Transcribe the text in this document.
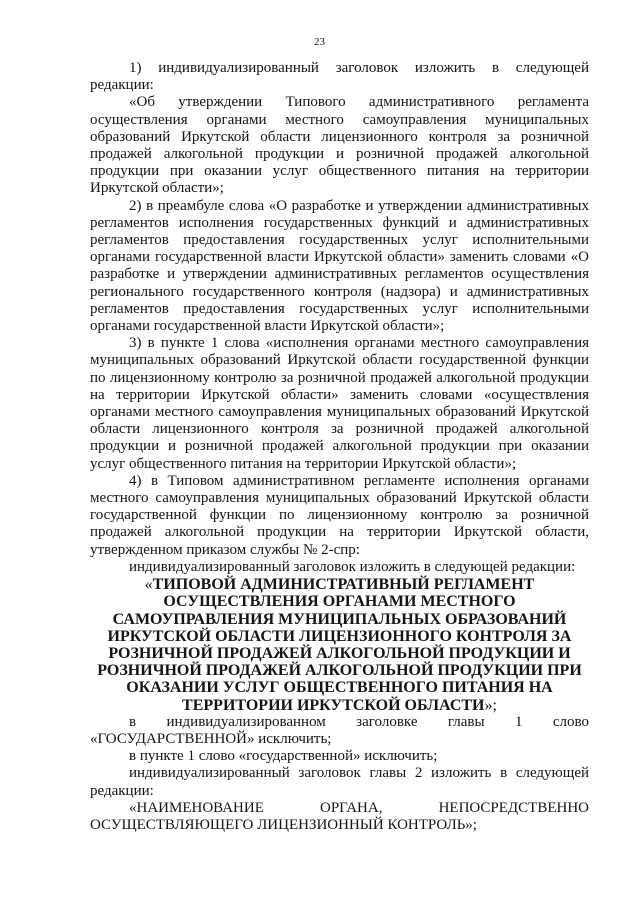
23

1) индивидуализированный заголовок изложить в следующей редакции:

«Об утверждении Типового административного регламента осуществления органами местного самоуправления муниципальных образований Иркутской области лицензионного контроля за розничной продажей алкогольной продукции и розничной продажей алкогольной продукции при оказании услуг общественного питания на территории Иркутской области»;

2) в преамбуле слова «О разработке и утверждении административных регламентов исполнения государственных функций и административных регламентов предоставления государственных услуг исполнительными органами государственной власти Иркутской области» заменить словами «О разработке и утверждении административных регламентов осуществления регионального государственного контроля (надзора) и административных регламентов предоставления государственных услуг исполнительными органами государственной власти Иркутской области»;

3) в пункте 1 слова «исполнения органами местного самоуправления муниципальных образований Иркутской области государственной функции по лицензионному контролю за розничной продажей алкогольной продукции на территории Иркутской области» заменить словами «осуществления органами местного самоуправления муниципальных образований Иркутской области лицензионного контроля за розничной продажей алкогольной продукции и розничной продажей алкогольной продукции при оказании услуг общественного питания на территории Иркутской области»;

4) в Типовом административном регламенте исполнения органами местного самоуправления муниципальных образований Иркутской области государственной функции по лицензионному контролю за розничной продажей алкогольной продукции на территории Иркутской области, утвержденном приказом службы № 2-спр:

индивидуализированный заголовок изложить в следующей редакции:

«ТИПОВОЙ АДМИНИСТРАТИВНЫЙ РЕГЛАМЕНТ ОСУЩЕСТВЛЕНИЯ ОРГАНАМИ МЕСТНОГО САМОУПРАВЛЕНИЯ МУНИЦИПАЛЬНЫХ ОБРАЗОВАНИЙ ИРКУТСКОЙ ОБЛАСТИ ЛИЦЕНЗИОННОГО КОНТРОЛЯ ЗА РОЗНИЧНОЙ ПРОДАЖЕЙ АЛКОГОЛЬНОЙ ПРОДУКЦИИ И РОЗНИЧНОЙ ПРОДАЖЕЙ АЛКОГОЛЬНОЙ ПРОДУКЦИИ ПРИ ОКАЗАНИИ УСЛУГ ОБЩЕСТВЕННОГО ПИТАНИЯ НА ТЕРРИТОРИИ ИРКУТСКОЙ ОБЛАСТИ»;

в индивидуализированном заголовке главы 1 слово «ГОСУДАРСТВЕННОЙ» исключить;

в пункте 1 слово «государственной» исключить;

индивидуализированный заголовок главы 2 изложить в следующей редакции:

«НАИМЕНОВАНИЕ ОРГАНА, НЕПОСРЕДСТВЕННО ОСУЩЕСТВЛЯЮЩЕГО ЛИЦЕНЗИОННЫЙ КОНТРОЛЬ»;
